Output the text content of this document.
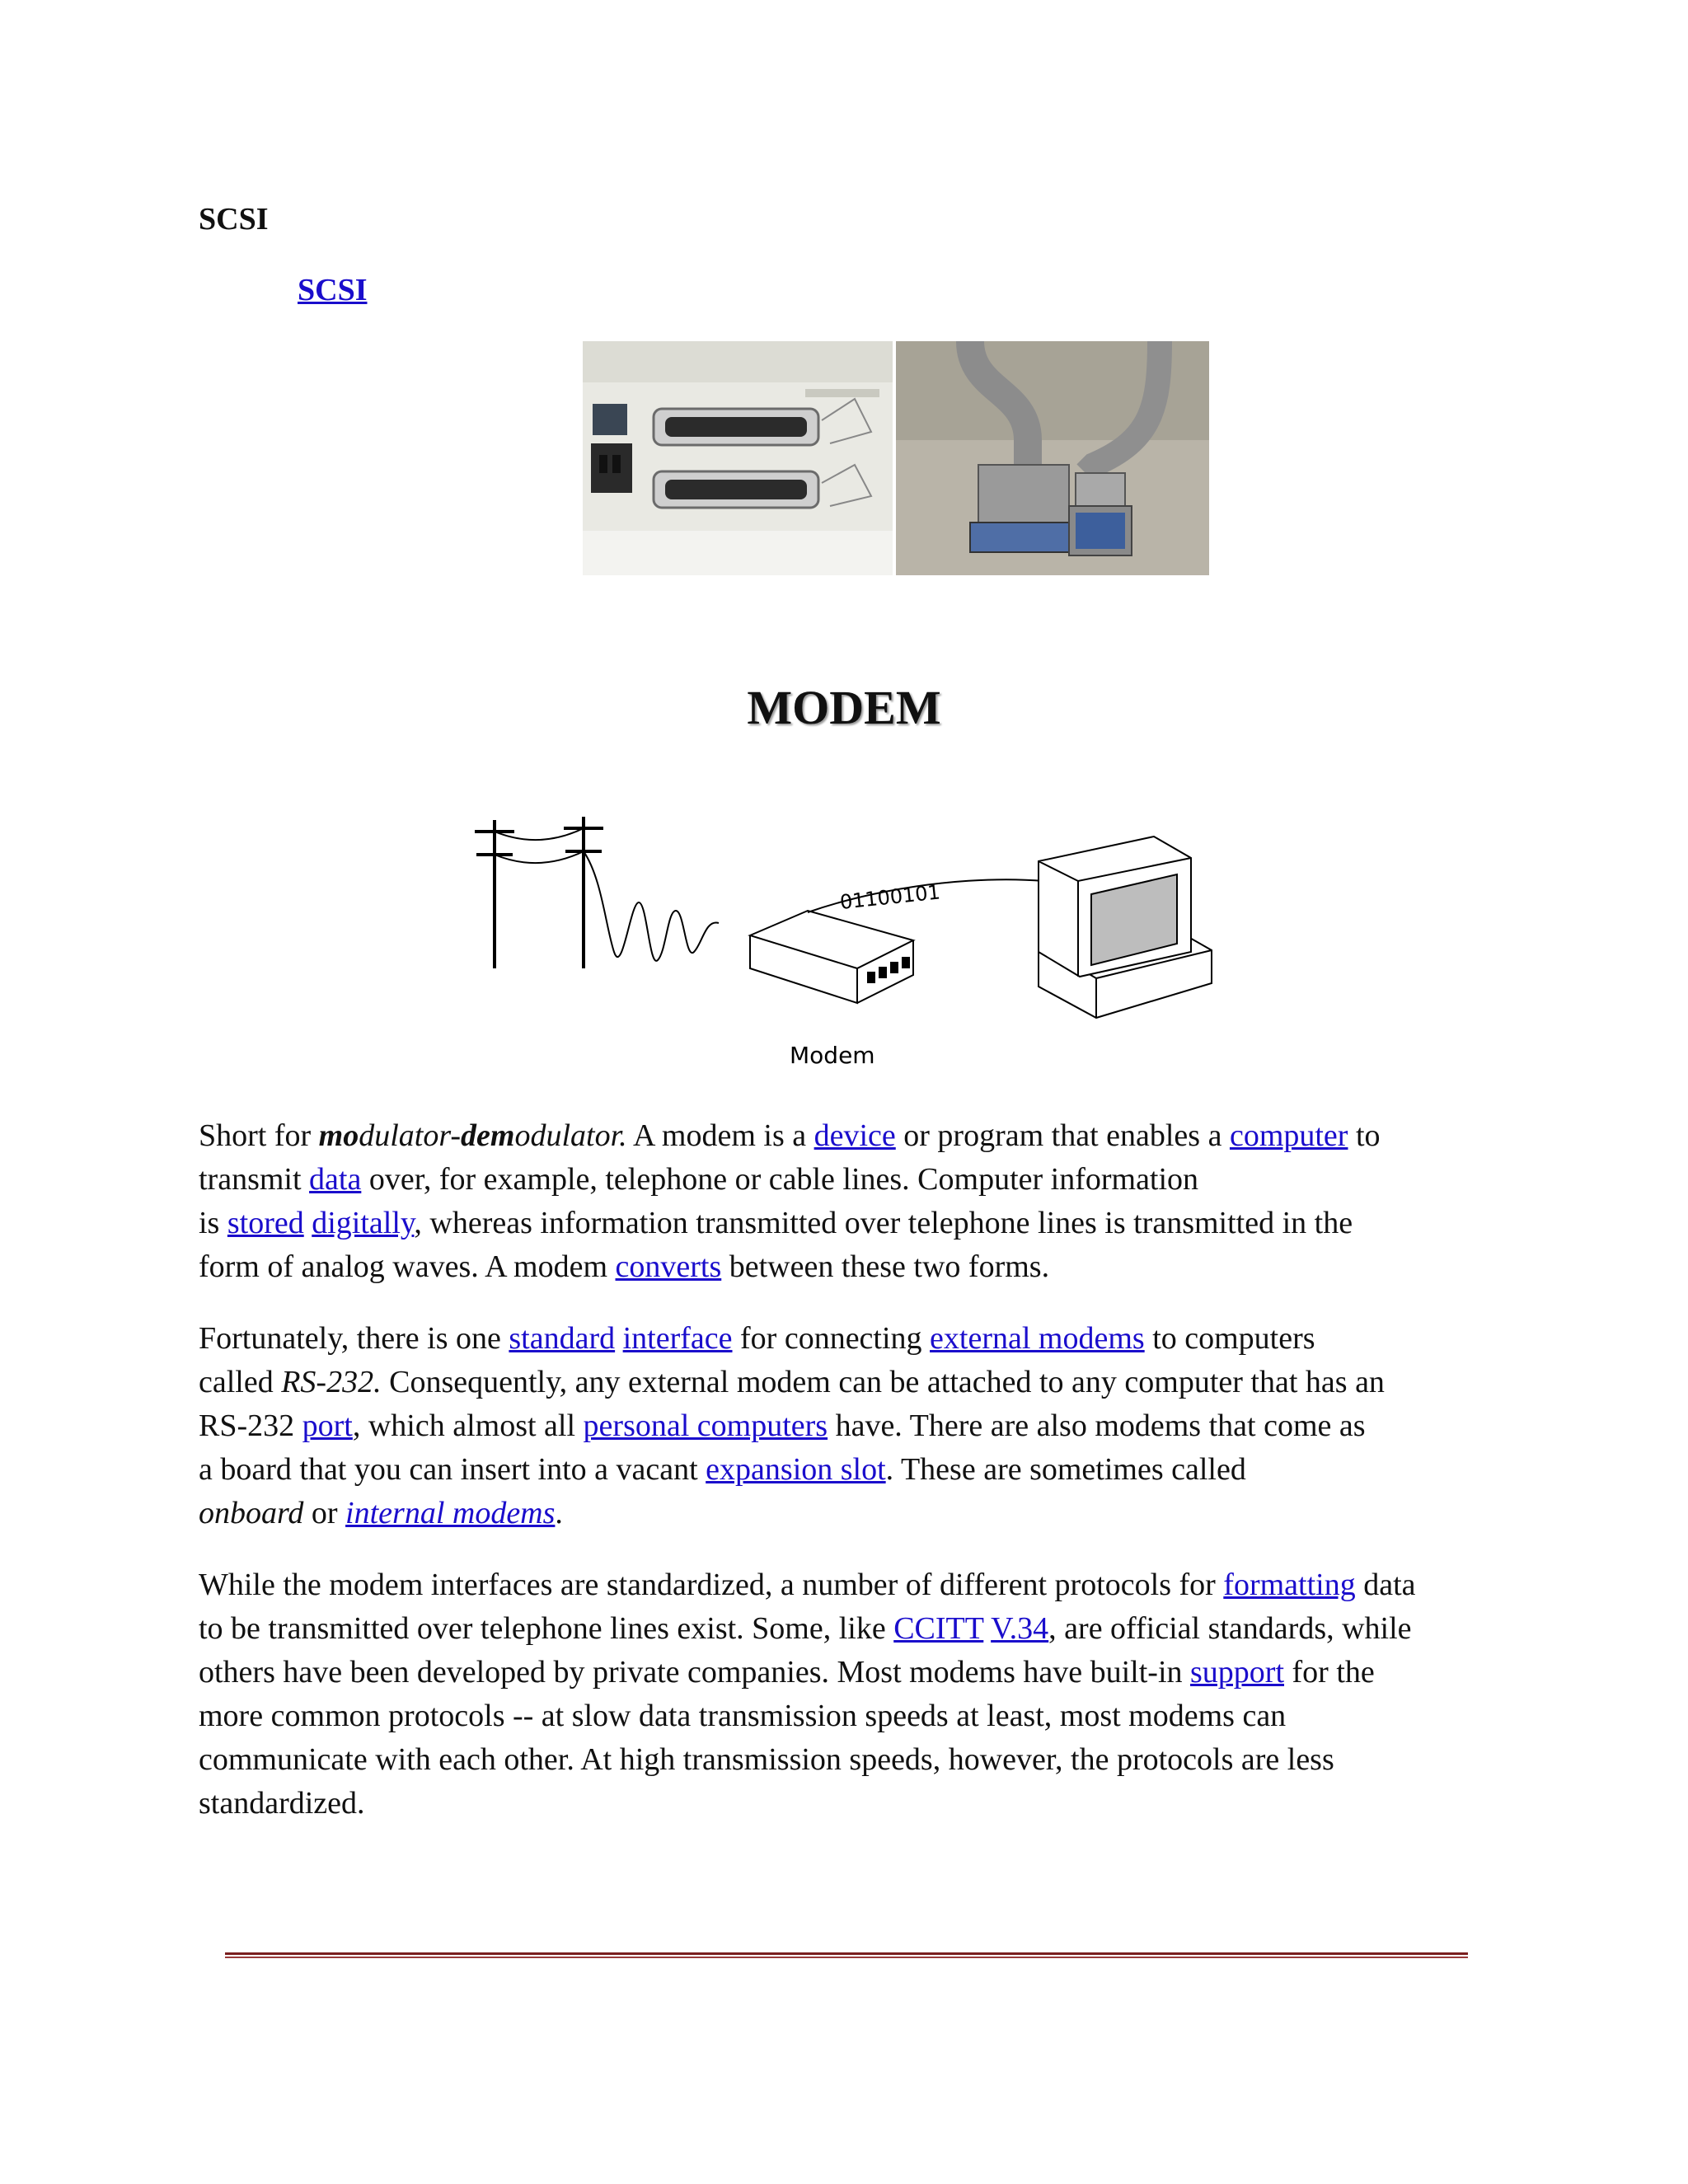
SCSI
SCSI
MODEM
01100101
Modem
Short for modulator-demodulator. A modem is a device or program that enables a computer to
transmit data over, for example, telephone or cable lines. Computer information
is stored digitally, whereas information transmitted over telephone lines is transmitted in the
form of analog waves. A modem converts between these two forms.
Fortunately, there is one standard interface for connecting external modems to computers
called RS-232. Consequently, any external modem can be attached to any computer that has an
RS-232 port, which almost all personal computers have. There are also modems that come as
a board that you can insert into a vacant expansion slot. These are sometimes called
onboard or internal modems.
While the modem interfaces are standardized, a number of different protocols for formatting data
to be transmitted over telephone lines exist. Some, like CCITT V.34, are official standards, while
others have been developed by private companies. Most modems have built-in support for the
more common protocols -- at slow data transmission speeds at least, most modems can
communicate with each other. At high transmission speeds, however, the protocols are less
standardized.
